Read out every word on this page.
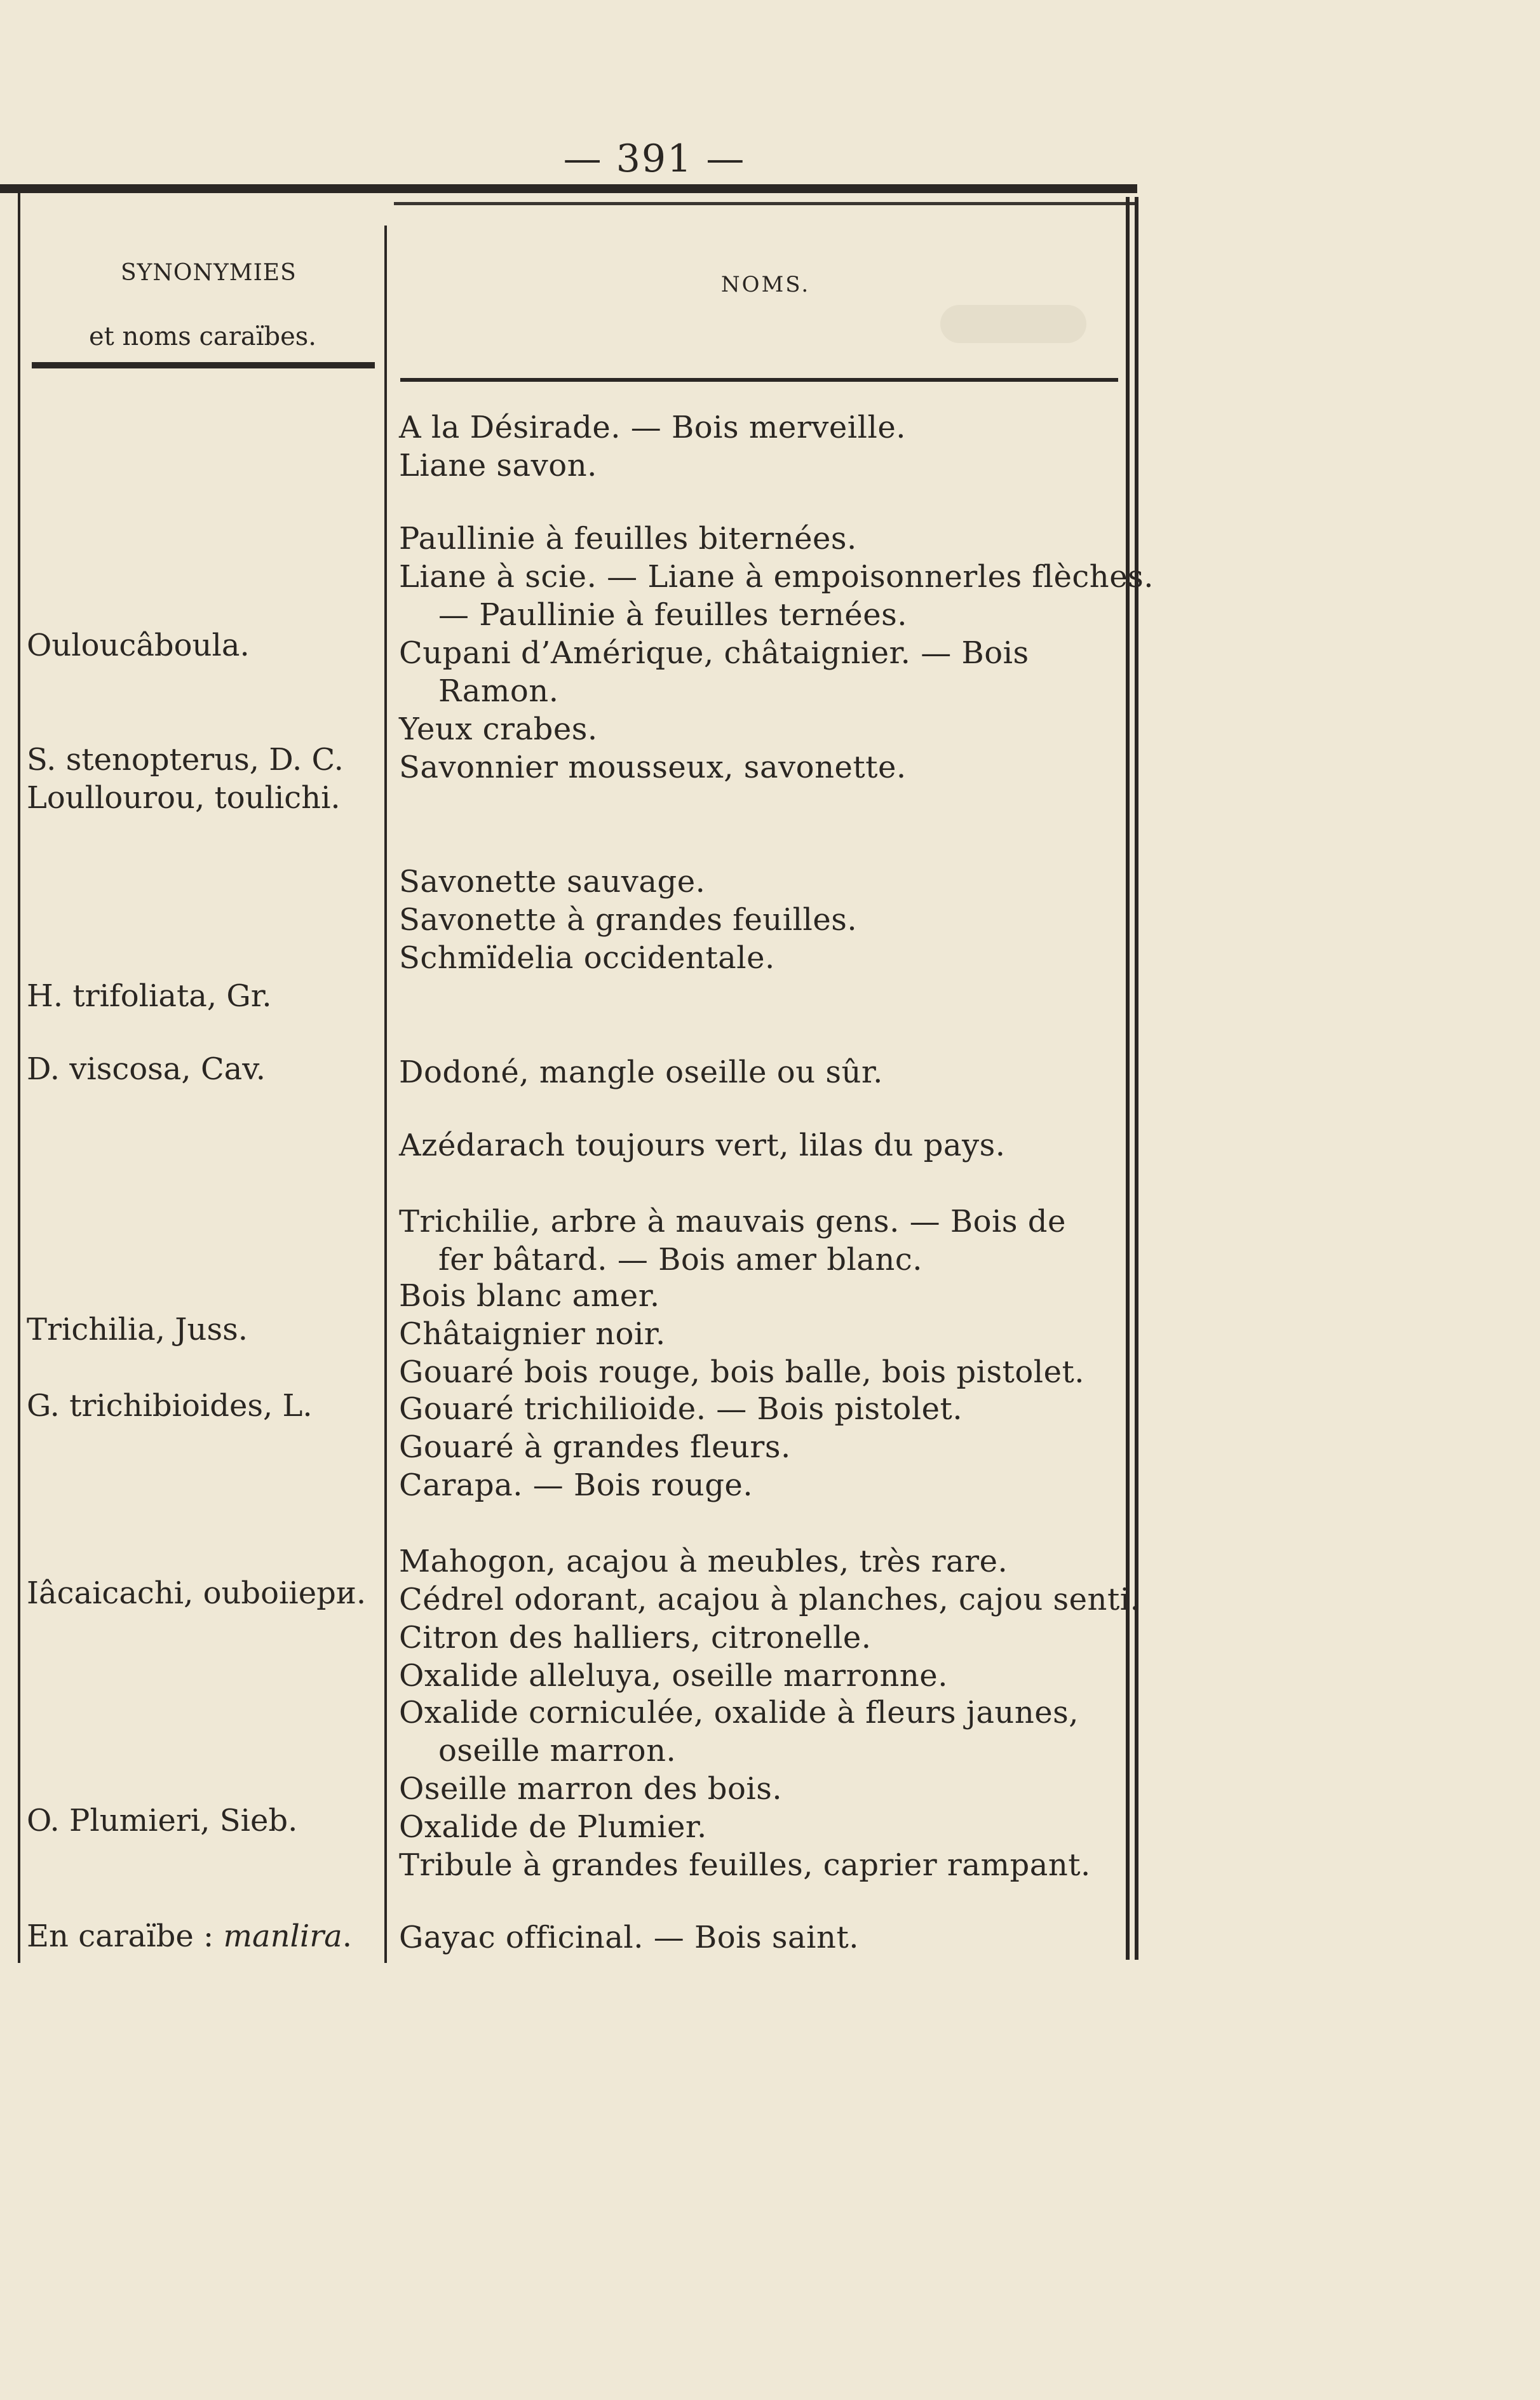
— 391 —
SYNONYMIES
et noms caraïbes.
NOMS.
Ouloucâboula.
S. stenopterus, D. C.
Loullourou, toulichi.
H. trifoliata, Gr.
D. viscosa, Cav.
Trichilia, Juss.
G. trichibioides, L.
Iâcaicachi, ouboiiери.
O. Plumieri, Sieb.
En caraïbe : manlira.
A la Désirade. — Bois merveille.
Liane savon.
Paullinie à feuilles biternées.
Liane à scie. — Liane à empoisonnerles flèches.
— Paullinie à feuilles ternées.
Cupani d’Amérique, châtaignier. — Bois
Ramon.
Yeux crabes.
Savonnier mousseux, savonette.
Savonette sauvage.
Savonette à grandes feuilles.
Schmïdelia occidentale.
Dodoné, mangle oseille ou sûr.
Azédarach toujours vert, lilas du pays.
Trichilie, arbre à mauvais gens. — Bois de
fer bâtard. — Bois amer blanc.
Bois blanc amer.
Châtaignier noir.
Gouaré bois rouge, bois balle, bois pistolet.
Gouaré trichilioide. — Bois pistolet.
Gouaré à grandes fleurs.
Carapa. — Bois rouge.
Mahogon, acajou à meubles, très rare.
Cédrel odorant, acajou à planches, cajou senti.
Citron des halliers, citronelle.
Oxalide alleluya, oseille marronne.
Oxalide corniculée, oxalide à fleurs jaunes,
oseille marron.
Oseille marron des bois.
Oxalide de Plumier.
Tribule à grandes feuilles, caprier rampant.
Gayac officinal. — Bois saint.
